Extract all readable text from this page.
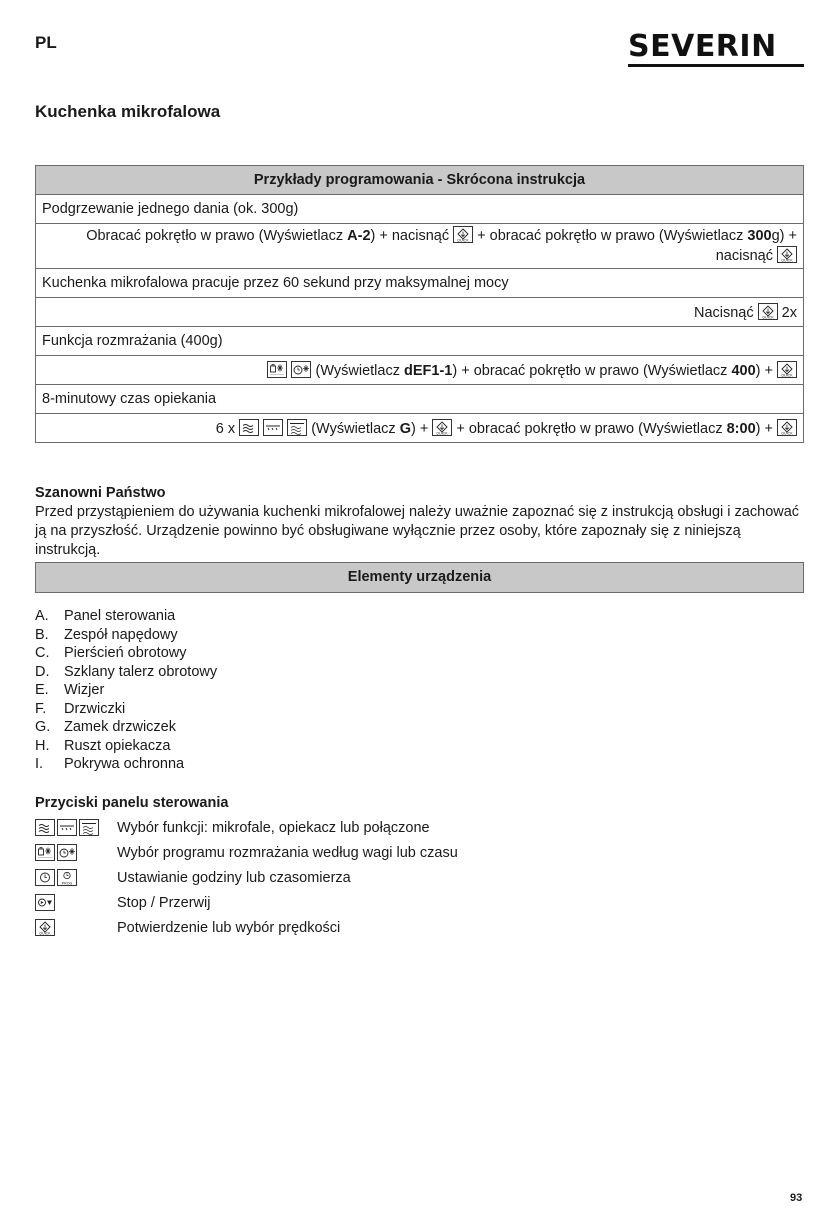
PL	SEVERIN
Kuchenka mikrofalowa
Przykłady programowania - Skrócona instrukcja
Podgrzewanie jednego dania (ok. 300g)
Obracać pokrętło w prawo (Wyświetlacz A-2) + nacisnąć QUICK + obracać pokrętło w prawo (Wyświetlacz 300g) +
nacisnąć QUICK

Kuchenka mikrofalowa pracuje przez 60 sekund przy maksymalnej mocy
Nacisnąć QUICK 2x
Funkcja rozmrażania (400g)

(Wyświetlacz dEF1-1) + obracać pokrętło w prawo (Wyświetlacz 400) + QUICK

8-minutowy czas opiekania
6 x

	(Wyświetlacz G) + QUICK + obracać pokrętło w prawo (Wyświetlacz 8:00) + QUICK
Szanowni Państwo
Przed przystąpieniem do używania kuchenki mikrofalowej należy uważnie zapoznać się z instrukcją obsługi i zachować ją na przyszłość. Urządzenie powinno być obsługiwane wyłącznie przez osoby, które zapoznały się z niniejszą instrukcją.
Elementy urządzenia
A. Panel sterowania
B. Zespół napędowy
C. Pierścień obrotowy
D. Szklany talerz obrotowy
E. Wizjer
F. Drzwiczki
G. Zamek drzwiczek
H. Ruszt opiekacza
I. Pokrywa ochronna
Przyciski panelu sterowania
Wybór funkcji: mikrofale, opiekacz lub połączone
Wybór programu rozmrażania według wagi lub czasu
PROG	Ustawianie godziny lub czasomierza
Stop / Przerwij
QUICK	Potwierdzenie lub wybór prędkości
93
